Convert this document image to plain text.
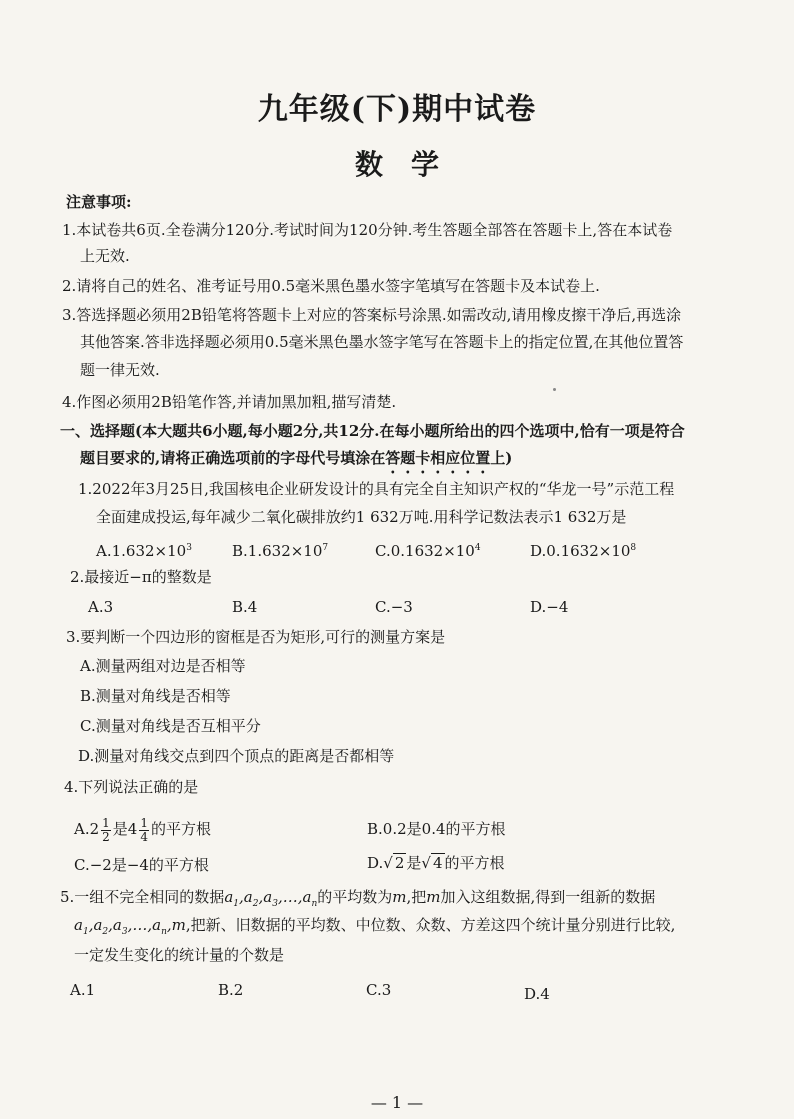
九年级(下)期中试卷
数学
注意事项:
1.本试卷共6页.全卷满分120分.考试时间为120分钟.考生答题全部答在答题卡上,答在本试卷
上无效.
2.请将自己的姓名、准考证号用0.5毫米黑色墨水签字笔填写在答题卡及本试卷上.
3.答选择题必须用2B铅笔将答题卡上对应的答案标号涂黑.如需改动,请用橡皮擦干净后,再选涂
其他答案.答非选择题必须用0.5毫米黑色墨水签字笔写在答题卡上的指定位置,在其他位置答
题一律无效.
4.作图必须用2B铅笔作答,并请加黑加粗,描写清楚.
一、选择题(本大题共6小题,每小题2分,共12分.在每小题所给出的四个选项中,恰有一项是符合
题目要求的,请将正确选项前的字母代号填涂在答题卡相应位置上)
1.2022年3月25日,我国核电企业研发设计的具有完全自主知识产权的“华龙一号”示范工程
全面建成投运,每年减少二氧化碳排放约1 632万吨.用科学记数法表示1 632万是
$A.1.632\times 10^3$	$B.1.632\times 10^7$	$C.0.1632\times 10^4$	$D.0.1632\times 10^8$
2.最接近−π的整数是
A.3	B.4	C.−3	D.−4
3.要判断一个四边形的窗框是否为矩形,可行的测量方案是
A.测量两组对边是否相等
B.测量对角线是否相等
C.测量对角线是否互相平分
D.测量对角线交点到四个顶点的距离是否都相等
4.下列说法正确的是
$A.2 \frac{1}{2}$ 是$4 \frac{1}{4}$ 的平方根	B.0.2是0.4的平方根
C.−2是−4的平方根	D.√ 2 是√ 4 的平方根
5.一组不完全相同的数据$a_1,a_2,a_3,\dots,a_n$的平均数为m,把m加入这组数据,得到一组新的数据
$a_1,a_2,a_3,\dots,a_n,m$,把新、旧数据的平均数、中位数、众数、方差这四个统计量分别进行比较,
一定发生变化的统计量的个数是
A.1	B.2	C.3	D.4
— 1 —
